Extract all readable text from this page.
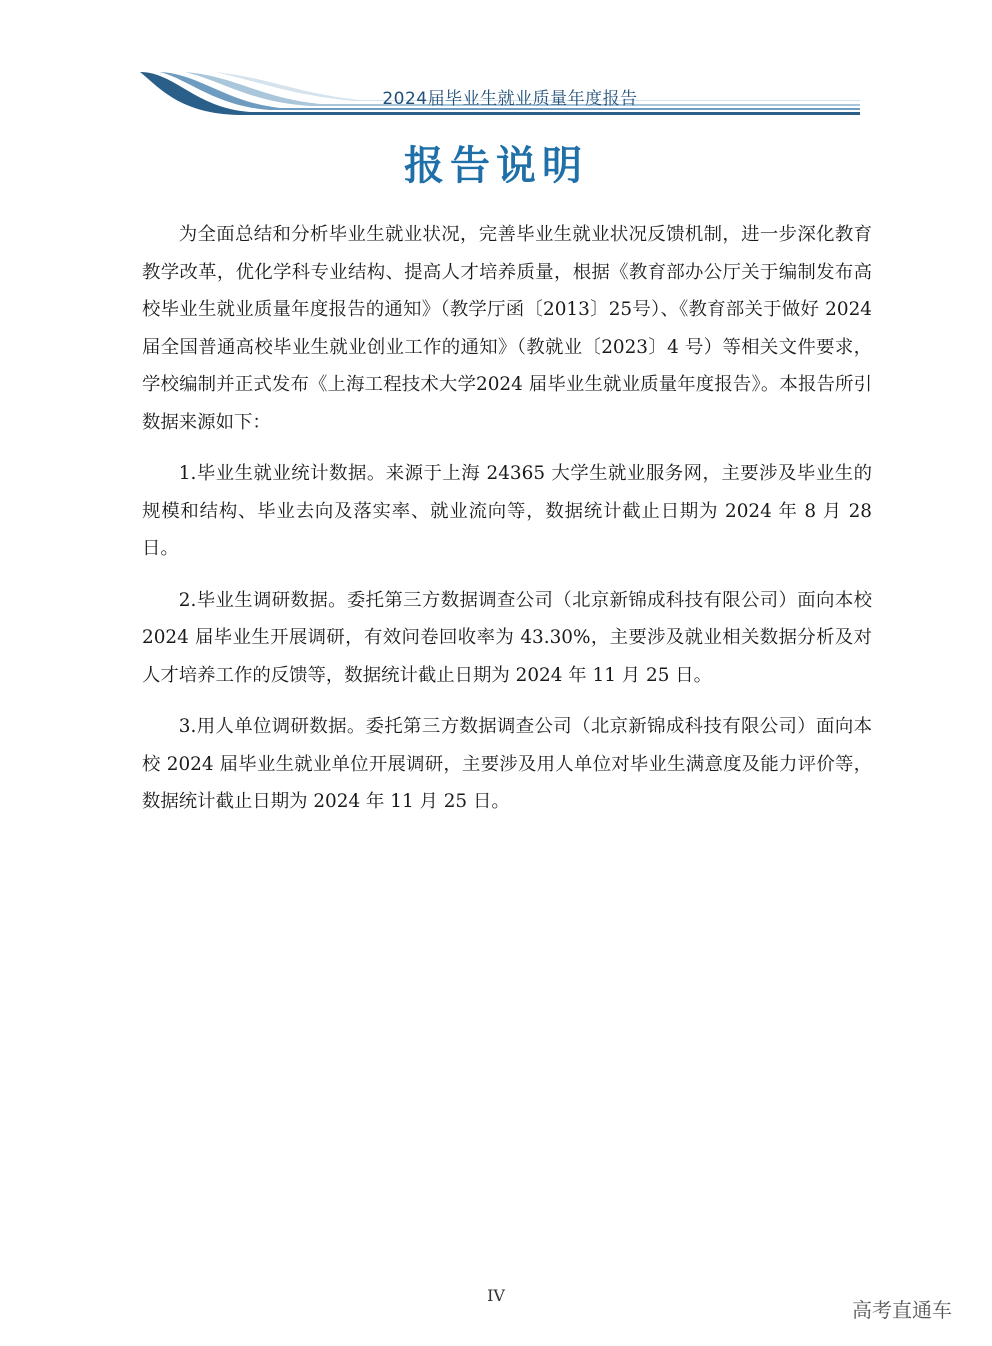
2024届毕业生就业质量年度报告
报告说明

为全面总结和分析毕业生就业状况，完善毕业生就业状况反馈机制，进一步深化教育教学改革，优化学科专业结构、提高人才培养质量，根据《教育部办公厅关于编制发布高校毕业生就业质量年度报告的通知》（教学厅函〔2013〕25号）、《教育部关于做好 2024 届全国普通高校毕业生就业创业工作的通知》（教就业〔2023〕4 号）等相关文件要求，学校编制并正式发布《上海工程技术大学2024 届毕业生就业质量年度报告》。本报告所引数据来源如下：

1.毕业生就业统计数据。来源于上海 24365 大学生就业服务网，主要涉及毕业生的规模和结构、毕业去向及落实率、就业流向等，数据统计截止日期为 2024 年 8 月 28 日。

2.毕业生调研数据。委托第三方数据调查公司（北京新锦成科技有限公司）面向本校 2024 届毕业生开展调研，有效问卷回收率为 43.30%，主要涉及就业相关数据分析及对人才培养工作的反馈等，数据统计截止日期为 2024 年 11 月 25 日。

3.用人单位调研数据。委托第三方数据调查公司（北京新锦成科技有限公司）面向本校 2024 届毕业生就业单位开展调研，主要涉及用人单位对毕业生满意度及能力评价等，数据统计截止日期为 2024 年 11 月 25 日。

IV
高考直通车
